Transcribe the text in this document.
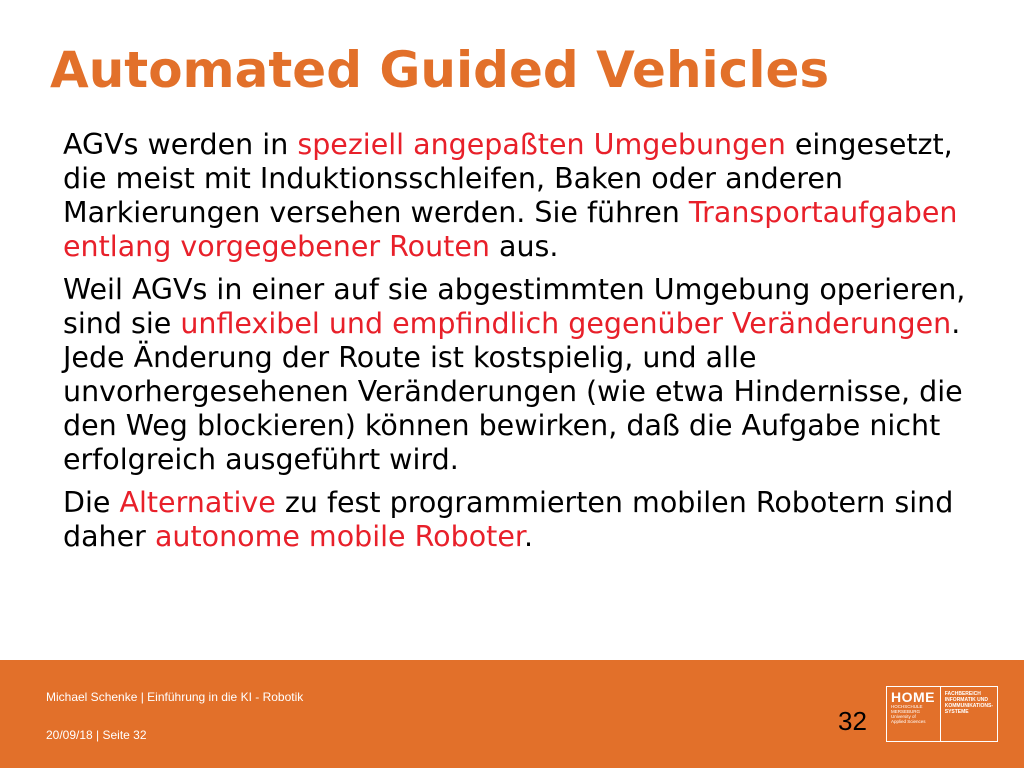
Automated Guided Vehicles

AGVs werden in speziell angepaßten Umgebungen eingesetzt, die meist mit Induktionsschleifen, Baken oder anderen Markierungen versehen werden. Sie führen Transportaufgaben entlang vorgegebener Routen aus.

Weil AGVs in einer auf sie abgestimmten Umgebung operieren, sind sie unflexibel und empfindlich gegenüber Veränderungen. Jede Änderung der Route ist kostspielig, und alle unvorhergesehenen Veränderungen (wie etwa Hindernisse, die den Weg blockieren) können bewirken, daß die Aufgabe nicht erfolgreich ausgeführt wird.

Die Alternative zu fest programmierten mobilen Robotern sind daher autonome mobile Roboter.

Michael Schenke | Einführung in die KI - Robotik
20/09/18 | Seite 32	32
HOME
HOCHSCHULE
MERSEBURG
University of
Applied Sciences
FACHBEREICH
INFORMATIK UND
KOMMUNIKATIONS-
SYSTEME
